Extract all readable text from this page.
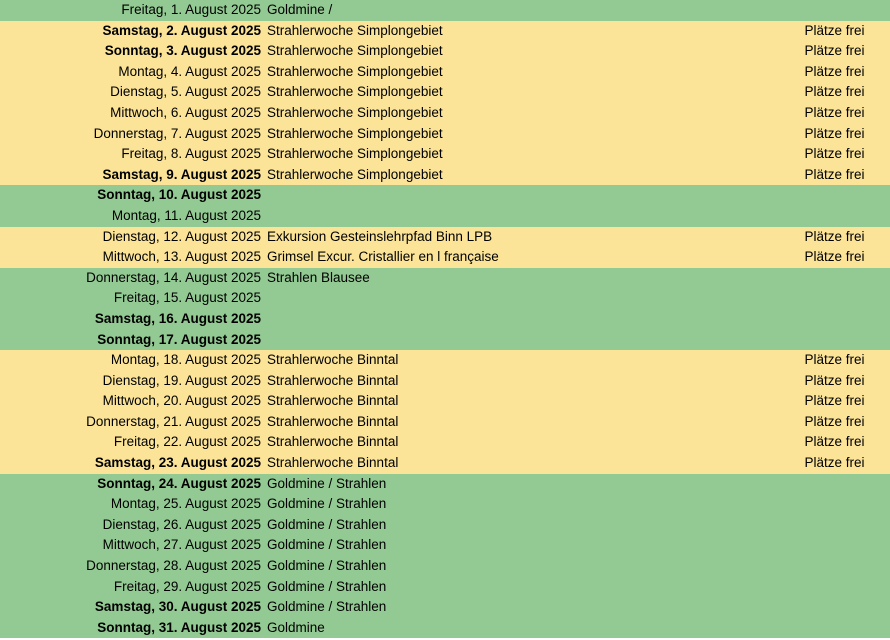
Freitag, 1. August 2025	Goldmine /	
Samstag, 2. August 2025	Strahlerwoche Simplongebiet	Plätze frei
Sonntag, 3. August 2025	Strahlerwoche Simplongebiet	Plätze frei
Montag, 4. August 2025	Strahlerwoche Simplongebiet	Plätze frei
Dienstag, 5. August 2025	Strahlerwoche Simplongebiet	Plätze frei
Mittwoch, 6. August 2025	Strahlerwoche Simplongebiet	Plätze frei
Donnerstag, 7. August 2025	Strahlerwoche Simplongebiet	Plätze frei
Freitag, 8. August 2025	Strahlerwoche Simplongebiet	Plätze frei
Samstag, 9. August 2025	Strahlerwoche Simplongebiet	Plätze frei
Sonntag, 10. August 2025		
Montag, 11. August 2025		
Dienstag, 12. August 2025	Exkursion Gesteinslehrpfad Binn LPB	Plätze frei
Mittwoch, 13. August 2025	Grimsel Excur. Cristallier en l française	Plätze frei
Donnerstag, 14. August 2025	Strahlen Blausee	
Freitag, 15. August 2025		
Samstag, 16. August 2025		
Sonntag, 17. August 2025		
Montag, 18. August 2025	Strahlerwoche Binntal	Plätze frei
Dienstag, 19. August 2025	Strahlerwoche Binntal	Plätze frei
Mittwoch, 20. August 2025	Strahlerwoche Binntal	Plätze frei
Donnerstag, 21. August 2025	Strahlerwoche Binntal	Plätze frei
Freitag, 22. August 2025	Strahlerwoche Binntal	Plätze frei
Samstag, 23. August 2025	Strahlerwoche Binntal	Plätze frei
Sonntag, 24. August 2025	Goldmine / Strahlen	
Montag, 25. August 2025	Goldmine / Strahlen	
Dienstag, 26. August 2025	Goldmine / Strahlen	
Mittwoch, 27. August 2025	Goldmine / Strahlen	
Donnerstag, 28. August 2025	Goldmine / Strahlen	
Freitag, 29. August 2025	Goldmine / Strahlen	
Samstag, 30. August 2025	Goldmine / Strahlen	
Sonntag, 31. August 2025	Goldmine	
